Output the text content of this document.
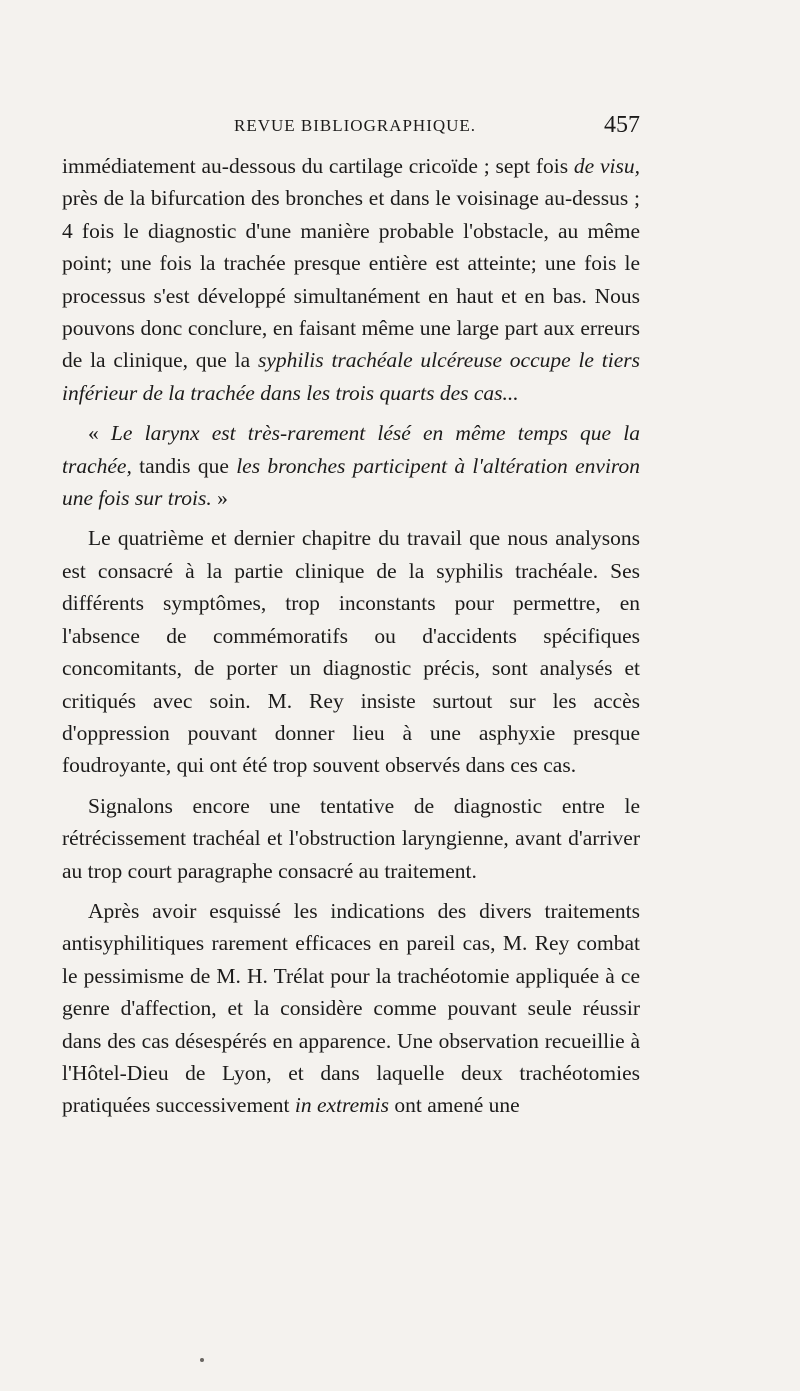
REVUE BIBLIOGRAPHIQUE.	457

immédiatement au-dessous du cartilage cricoïde ; sept fois de visu, près de la bifurcation des bronches et dans le voisinage au-dessus ; 4 fois le diagnostic d'une manière probable l'obstacle, au même point; une fois la trachée presque entière est atteinte; une fois le processus s'est développé simultanément en haut et en bas. Nous pouvons donc conclure, en faisant même une large part aux erreurs de la clinique, que la syphilis trachéale ulcéreuse occupe le tiers inférieur de la trachée dans les trois quarts des cas...

« Le larynx est très-rarement lésé en même temps que la trachée, tandis que les bronches participent à l'altération environ une fois sur trois. »

Le quatrième et dernier chapitre du travail que nous analysons est consacré à la partie clinique de la syphilis trachéale. Ses différents symptômes, trop inconstants pour permettre, en l'absence de commémoratifs ou d'accidents spécifiques concomitants, de porter un diagnostic précis, sont analysés et critiqués avec soin. M. Rey insiste surtout sur les accès d'oppression pouvant donner lieu à une asphyxie presque foudroyante, qui ont été trop souvent observés dans ces cas.

Signalons encore une tentative de diagnostic entre le rétrécissement trachéal et l'obstruction laryngienne, avant d'arriver au trop court paragraphe consacré au traitement.

Après avoir esquissé les indications des divers traitements antisyphilitiques rarement efficaces en pareil cas, M. Rey combat le pessimisme de M. H. Trélat pour la trachéotomie appliquée à ce genre d'affection, et la considère comme pouvant seule réussir dans des cas désespérés en apparence. Une observation recueillie à l'Hôtel-Dieu de Lyon, et dans laquelle deux trachéotomies pratiquées successivement in extremis ont amené une
